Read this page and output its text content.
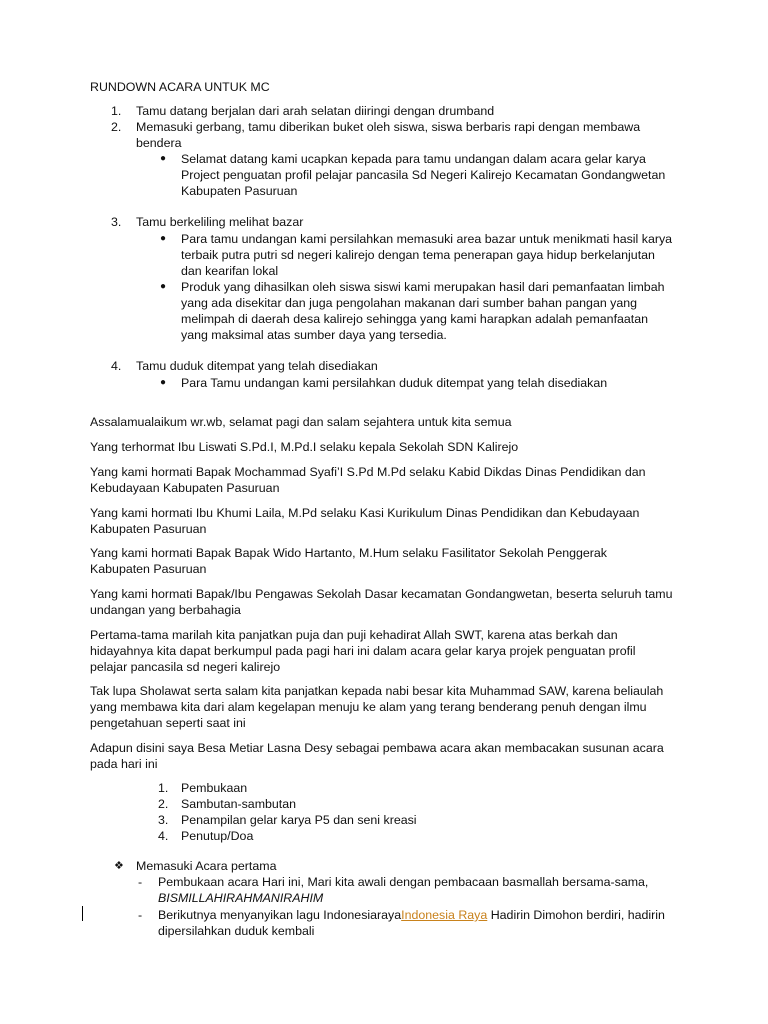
RUNDOWN ACARA UNTUK MC
1.	Tamu datang berjalan dari arah selatan diiringi dengan drumband
2.	Memasuki gerbang, tamu diberikan buket oleh siswa, siswa berbaris rapi dengan membawa
bendera
●	Selamat datang kami ucapkan kepada para tamu undangan dalam acara gelar karya
Project penguatan profil pelajar pancasila Sd Negeri Kalirejo Kecamatan Gondangwetan
Kabupaten Pasuruan
3.	Tamu berkeliling melihat bazar
●	Para tamu undangan kami persilahkan memasuki area bazar untuk menikmati hasil karya
terbaik putra putri sd negeri kalirejo dengan tema penerapan gaya hidup berkelanjutan
dan kearifan lokal
●	Produk yang dihasilkan oleh siswa siswi kami merupakan hasil dari pemanfaatan limbah
yang ada disekitar dan juga pengolahan makanan dari sumber bahan pangan yang
melimpah di daerah desa kalirejo sehingga yang kami harapkan adalah pemanfaatan
yang maksimal atas sumber daya yang tersedia.
4.	Tamu duduk ditempat yang telah disediakan
●	Para Tamu undangan kami persilahkan duduk ditempat yang telah disediakan
Assalamualaikum wr.wb, selamat pagi dan salam sejahtera untuk kita semua
Yang terhormat Ibu Liswati S.Pd.I, M.Pd.I selaku kepala Sekolah SDN Kalirejo
Yang kami hormati Bapak Mochammad Syafi’I S.Pd M.Pd selaku Kabid Dikdas Dinas Pendidikan dan
Kebudayaan Kabupaten Pasuruan
Yang kami hormati Ibu Khumi Laila, M.Pd selaku Kasi Kurikulum Dinas Pendidikan dan Kebudayaan
Kabupaten Pasuruan
Yang kami hormati Bapak Bapak Wido Hartanto, M.Hum selaku Fasilitator Sekolah Penggerak
Kabupaten Pasuruan
Yang kami hormati Bapak/Ibu Pengawas Sekolah Dasar kecamatan Gondangwetan, beserta seluruh tamu
undangan yang berbahagia
Pertama-tama marilah kita panjatkan puja dan puji kehadirat Allah SWT, karena atas berkah dan
hidayahnya kita dapat berkumpul pada pagi hari ini dalam acara gelar karya projek penguatan profil
pelajar pancasila sd negeri kalirejo
Tak lupa Sholawat serta salam kita panjatkan kepada nabi besar kita Muhammad SAW, karena beliaulah
yang membawa kita dari alam kegelapan menuju ke alam yang terang benderang penuh dengan ilmu
pengetahuan seperti saat ini
Adapun disini saya Besa Metiar Lasna Desy sebagai pembawa acara akan membacakan susunan acara
pada hari ini
1.	Pembukaan
2.	Sambutan-sambutan
3.	Penampilan gelar karya P5 dan seni kreasi
4.	Penutup/Doa
❖ Memasuki Acara pertama
- Pembukaan acara Hari ini, Mari kita awali dengan pembacaan basmallah bersama-sama,
BISMILLAHIRAHMANIRAHIM
- Berikutnya menyanyikan lagu IndonesiarayaIndonesia Raya Hadirin Dimohon berdiri, hadirin
dipersilahkan duduk kembali
